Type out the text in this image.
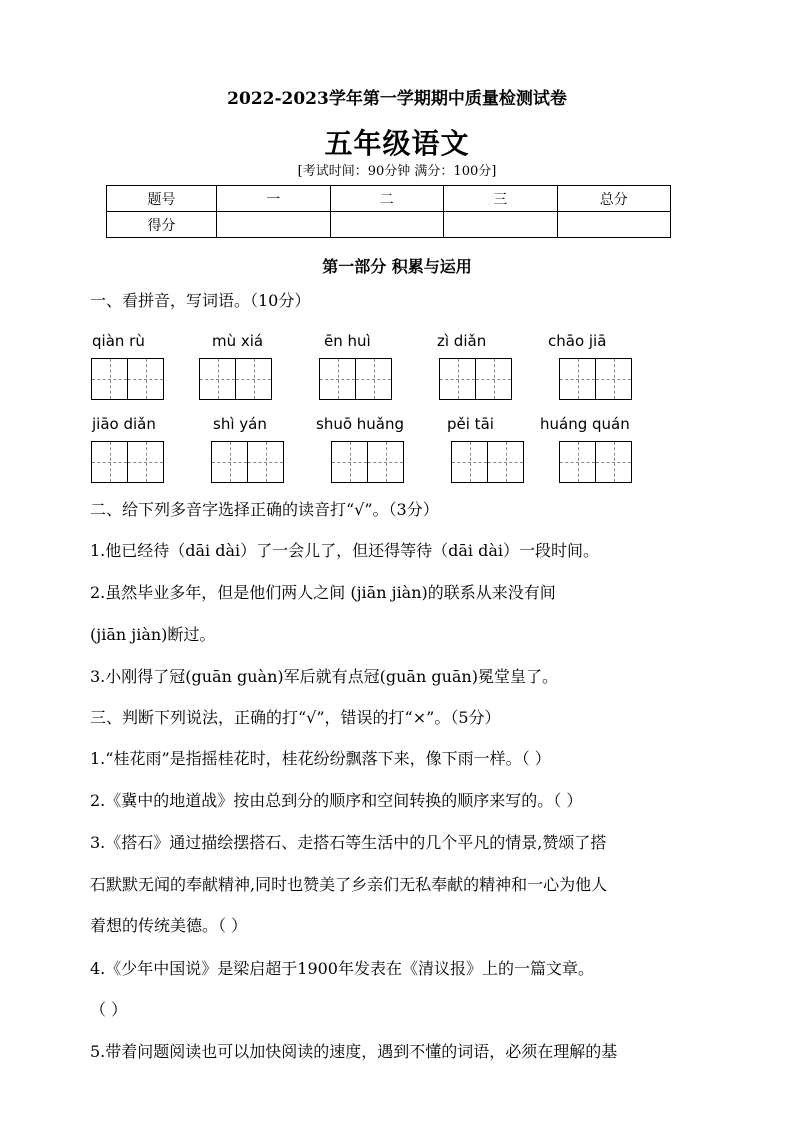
2022-2023学年第一学期期中质量检测试卷
五年级语文
[考试时间：90分钟 满分：100分]
题号	一	二	三	总分
得分				
第一部分 积累与运用
一、看拼音，写词语。（10分）
qiàn rù	mù xiá	ēn huì	zì diǎn	chāo jiā
jiāo diǎn	shì yán	shuō huǎng	pěi tāi	huáng quán
二、给下列多音字选择正确的读音打“√”。（3分）
1.他已经待（dāi dài）了一会儿了，但还得等待（dāi dài）一段时间。
2.虽然毕业多年，但是他们两人之间 (jiān jiàn)的联系从来没有间
(jiān jiàn)断过。
3.小刚得了冠(guān guàn)军后就有点冠(guān guān)冕堂皇了。
三、判断下列说法，正确的打“√”，错误的打“×”。（5分）
1.“桂花雨”是指摇桂花时，桂花纷纷飘落下来，像下雨一样。（ ）
2.《冀中的地道战》按由总到分的顺序和空间转换的顺序来写的。（ ）
3.《搭石》通过描绘摆搭石、走搭石等生活中的几个平凡的情景,赞颂了搭
石默默无闻的奉献精神,同时也赞美了乡亲们无私奉献的精神和一心为他人
着想的传统美德。（ ）
4.《少年中国说》是梁启超于1900年发表在《清议报》上的一篇文章。
（ ）
5.带着问题阅读也可以加快阅读的速度，遇到不懂的词语，必须在理解的基
